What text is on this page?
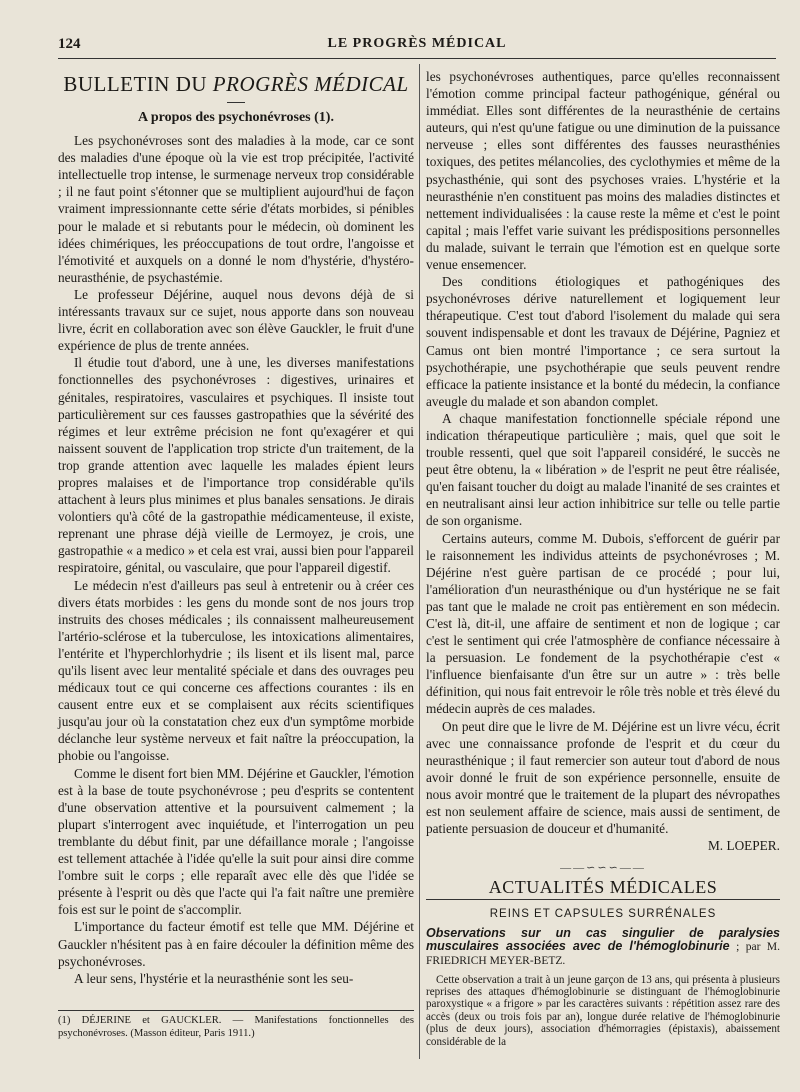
124	LE PROGRÈS MÉDICAL
BULLETIN DU PROGRÈS MÉDICAL
A propos des psychonévroses (1).

Les psychonévroses sont des maladies à la mode, car ce sont des maladies d'une époque où la vie est trop précipitée, l'activité intellectuelle trop intense, le surmenage nerveux trop considérable ; il ne faut point s'étonner que se multiplient aujourd'hui de façon vraiment impressionnante cette série d'états morbides, si pénibles pour le malade et si rebutants pour le médecin, où dominent les idées chimériques, les préoccupations de tout ordre, l'angoisse et l'émotivité et auxquels on a donné le nom d'hystérie, d'hystéro-neurasthénie, de psychastémie.

Le professeur Déjérine, auquel nous devons déjà de si intéressants travaux sur ce sujet, nous apporte dans son nouveau livre, écrit en collaboration avec son élève Gauckler, le fruit d'une expérience de plus de trente années.

Il étudie tout d'abord, une à une, les diverses manifestations fonctionnelles des psychonévroses : digestives, urinaires et génitales, respiratoires, vasculaires et psychiques. Il insiste tout particulièrement sur ces fausses gastropathies que la sévérité des régimes et leur extrême précision ne font qu'exagérer et qui naissent souvent de l'application trop stricte d'un traitement, de la trop grande attention avec laquelle les malades épient leurs propres malaises et de l'importance trop considérable qu'ils attachent à leurs plus minimes et plus banales sensations. Je dirais volontiers qu'à côté de la gastropathie médicamenteuse, il existe, reprenant une phrase déjà vieille de Lermoyez, je crois, une gastropathie « a medico » et cela est vrai, aussi bien pour l'appareil respiratoire, génital, ou vasculaire, que pour l'appareil digestif.

Le médecin n'est d'ailleurs pas seul à entretenir ou à créer ces divers états morbides : les gens du monde sont de nos jours trop instruits des choses médicales ; ils connaissent malheureusement l'artério-sclérose et la tuberculose, les intoxications alimentaires, l'entérite et l'hyperchlorhydrie ; ils lisent et ils lisent mal, parce qu'ils lisent avec leur mentalité spéciale et dans des ouvrages peu médicaux tout ce qui concerne ces affections courantes : ils en causent entre eux et se complaisent aux récits scientifiques jusqu'au jour où la constatation chez eux d'un symptôme morbide déclanche leur système nerveux et fait naître la préoccupation, la phobie ou l'angoisse.

Comme le disent fort bien MM. Déjérine et Gauckler, l'émotion est à la base de toute psychonévrose ; peu d'esprits se contentent d'une observation attentive et la poursuivent calmement ; la plupart s'interrogent avec inquiétude, et l'interrogation un peu tremblante du début finit, par une défaillance morale ; l'angoisse est tellement attachée à l'idée qu'elle la suit pour ainsi dire comme l'ombre suit le corps ; elle reparaît avec elle dès que l'idée se présente à l'esprit ou dès que l'acte qui l'a fait naître une première fois est sur le point de s'accomplir.

L'importance du facteur émotif est telle que MM. Déjérine et Gauckler n'hésitent pas à en faire découler la définition même des psychonévroses.

A leur sens, l'hystérie et la neurasthénie sont les seu-

(1) DÉJERINE et GAUCKLER. — Manifestations fonctionnelles des psychonévroses. (Masson éditeur, Paris 1911.)

les psychonévroses authentiques, parce qu'elles reconnaissent l'émotion comme principal facteur pathogénique, général ou immédiat. Elles sont différentes de la neurasthénie de certains auteurs, qui n'est qu'une fatigue ou une diminution de la puissance nerveuse ; elles sont différentes des fausses neurasthénies toxiques, des petites mélancolies, des cyclothymies et même de la psychasthénie, qui sont des psychoses vraies. L'hystérie et la neurasthénie n'en constituent pas moins des maladies distinctes et nettement individualisées : la cause reste la même et c'est le point capital ; mais l'effet varie suivant les prédispositions personnelles du malade, suivant le terrain que l'émotion est en quelque sorte venue ensemencer.

Des conditions étiologiques et pathogéniques des psychonévroses dérive naturellement et logiquement leur thérapeutique. C'est tout d'abord l'isolement du malade qui sera souvent indispensable et dont les travaux de Déjérine, Pagniez et Camus ont bien montré l'importance ; ce sera surtout la psychothérapie, une psychothérapie que seuls peuvent rendre efficace la patiente insistance et la bonté du médecin, la confiance aveugle du malade et son abandon complet.

A chaque manifestation fonctionnelle spéciale répond une indication thérapeutique particulière ; mais, quel que soit le trouble ressenti, quel que soit l'appareil considéré, le succès ne peut être obtenu, la « libération » de l'esprit ne peut être réalisée, qu'en faisant toucher du doigt au malade l'inanité de ses craintes et en neutralisant ainsi leur action inhibitrice sur telle ou telle partie de son organisme.

Certains auteurs, comme M. Dubois, s'efforcent de guérir par le raisonnement les individus atteints de psychonévroses ; M. Déjérine n'est guère partisan de ce procédé ; pour lui, l'amélioration d'un neurasthénique ou d'un hystérique ne se fait pas tant que le malade ne croit pas entièrement en son médecin. C'est là, dit-il, une affaire de sentiment et non de logique ; car c'est le sentiment qui crée l'atmosphère de confiance nécessaire à la persuasion. Le fondement de la psychothérapie c'est « l'influence bienfaisante d'un être sur un autre » : très belle définition, qui nous fait entrevoir le rôle très noble et très élevé du médecin auprès de ces malades.

On peut dire que le livre de M. Déjérine est un livre vécu, écrit avec une connaissance profonde de l'esprit et du cœur du neurasthénique ; il faut remercier son auteur tout d'abord de nous avoir donné le fruit de son expérience personnelle, ensuite de nous avoir montré que le traitement de la plupart des névropathes est non seulement affaire de science, mais aussi de sentiment, de patiente persuasion de douceur et d'humanité.

M. LOEPER.
——∽∽∽——
ACTUALITÉS MÉDICALES
REINS ET CAPSULES SURRÉNALES
Observations sur un cas singulier de paralysies musculaires associées avec de l'hémoglobinurie ; par M. FRIEDRICH MEYER-BETZ.

Cette observation a trait à un jeune garçon de 13 ans, qui présenta à plusieurs reprises des attaques d'hémoglobinurie se distinguant de l'hémoglobinurie paroxystique « a frigore » par les caractères suivants : répétition assez rare des accès (deux ou trois fois par an), longue durée relative de l'hémoglobinurie (plus de deux jours), association d'hémorragies (épistaxis), abaissement considérable de la
